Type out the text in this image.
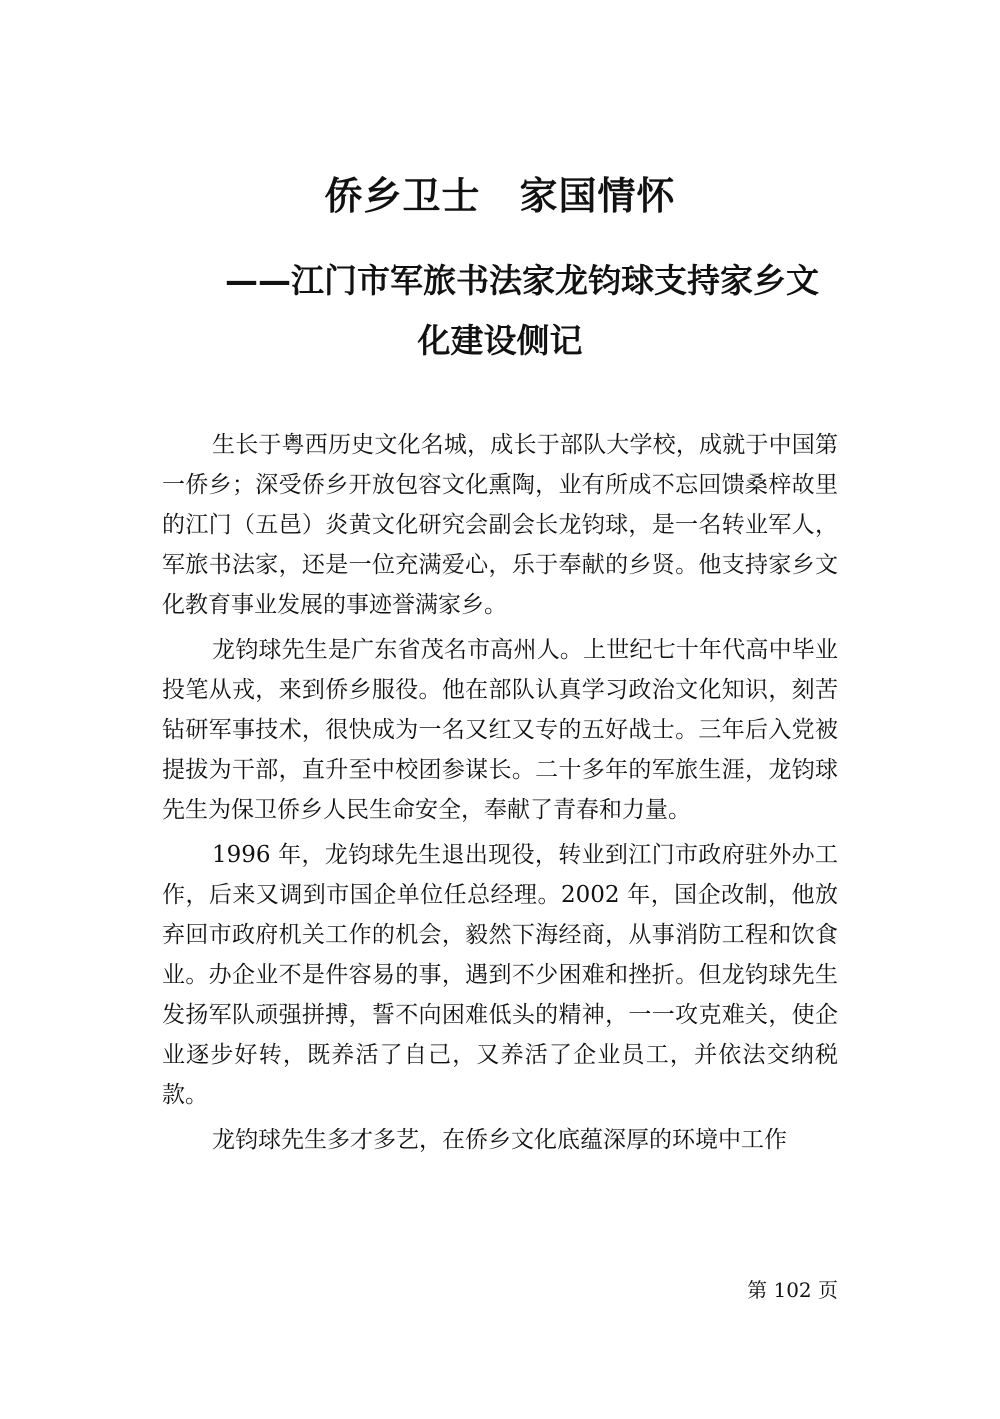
侨乡卫士　家国情怀
——江门市军旅书法家龙钧球支持家乡文
化建设侧记

生长于粤西历史文化名城，成长于部队大学校，成就于中国第一侨乡；深受侨乡开放包容文化熏陶，业有所成不忘回馈桑梓故里的江门（五邑）炎黄文化研究会副会长龙钧球，是一名转业军人，军旅书法家，还是一位充满爱心，乐于奉献的乡贤。他支持家乡文化教育事业发展的事迹誉满家乡。

龙钧球先生是广东省茂名市高州人。上世纪七十年代高中毕业投笔从戎，来到侨乡服役。他在部队认真学习政治文化知识，刻苦钻研军事技术，很快成为一名又红又专的五好战士。三年后入党被提拔为干部，直升至中校团参谋长。二十多年的军旅生涯，龙钧球先生为保卫侨乡人民生命安全，奉献了青春和力量。

1996 年，龙钧球先生退出现役，转业到江门市政府驻外办工作，后来又调到市国企单位任总经理。2002 年，国企改制，他放弃回市政府机关工作的机会，毅然下海经商，从事消防工程和饮食业。办企业不是件容易的事，遇到不少困难和挫折。但龙钧球先生发扬军队顽强拼搏，誓不向困难低头的精神，一一攻克难关，使企业逐步好转，既养活了自己，又养活了企业员工，并依法交纳税款。

龙钧球先生多才多艺，在侨乡文化底蕴深厚的环境中工作

第 102 页
